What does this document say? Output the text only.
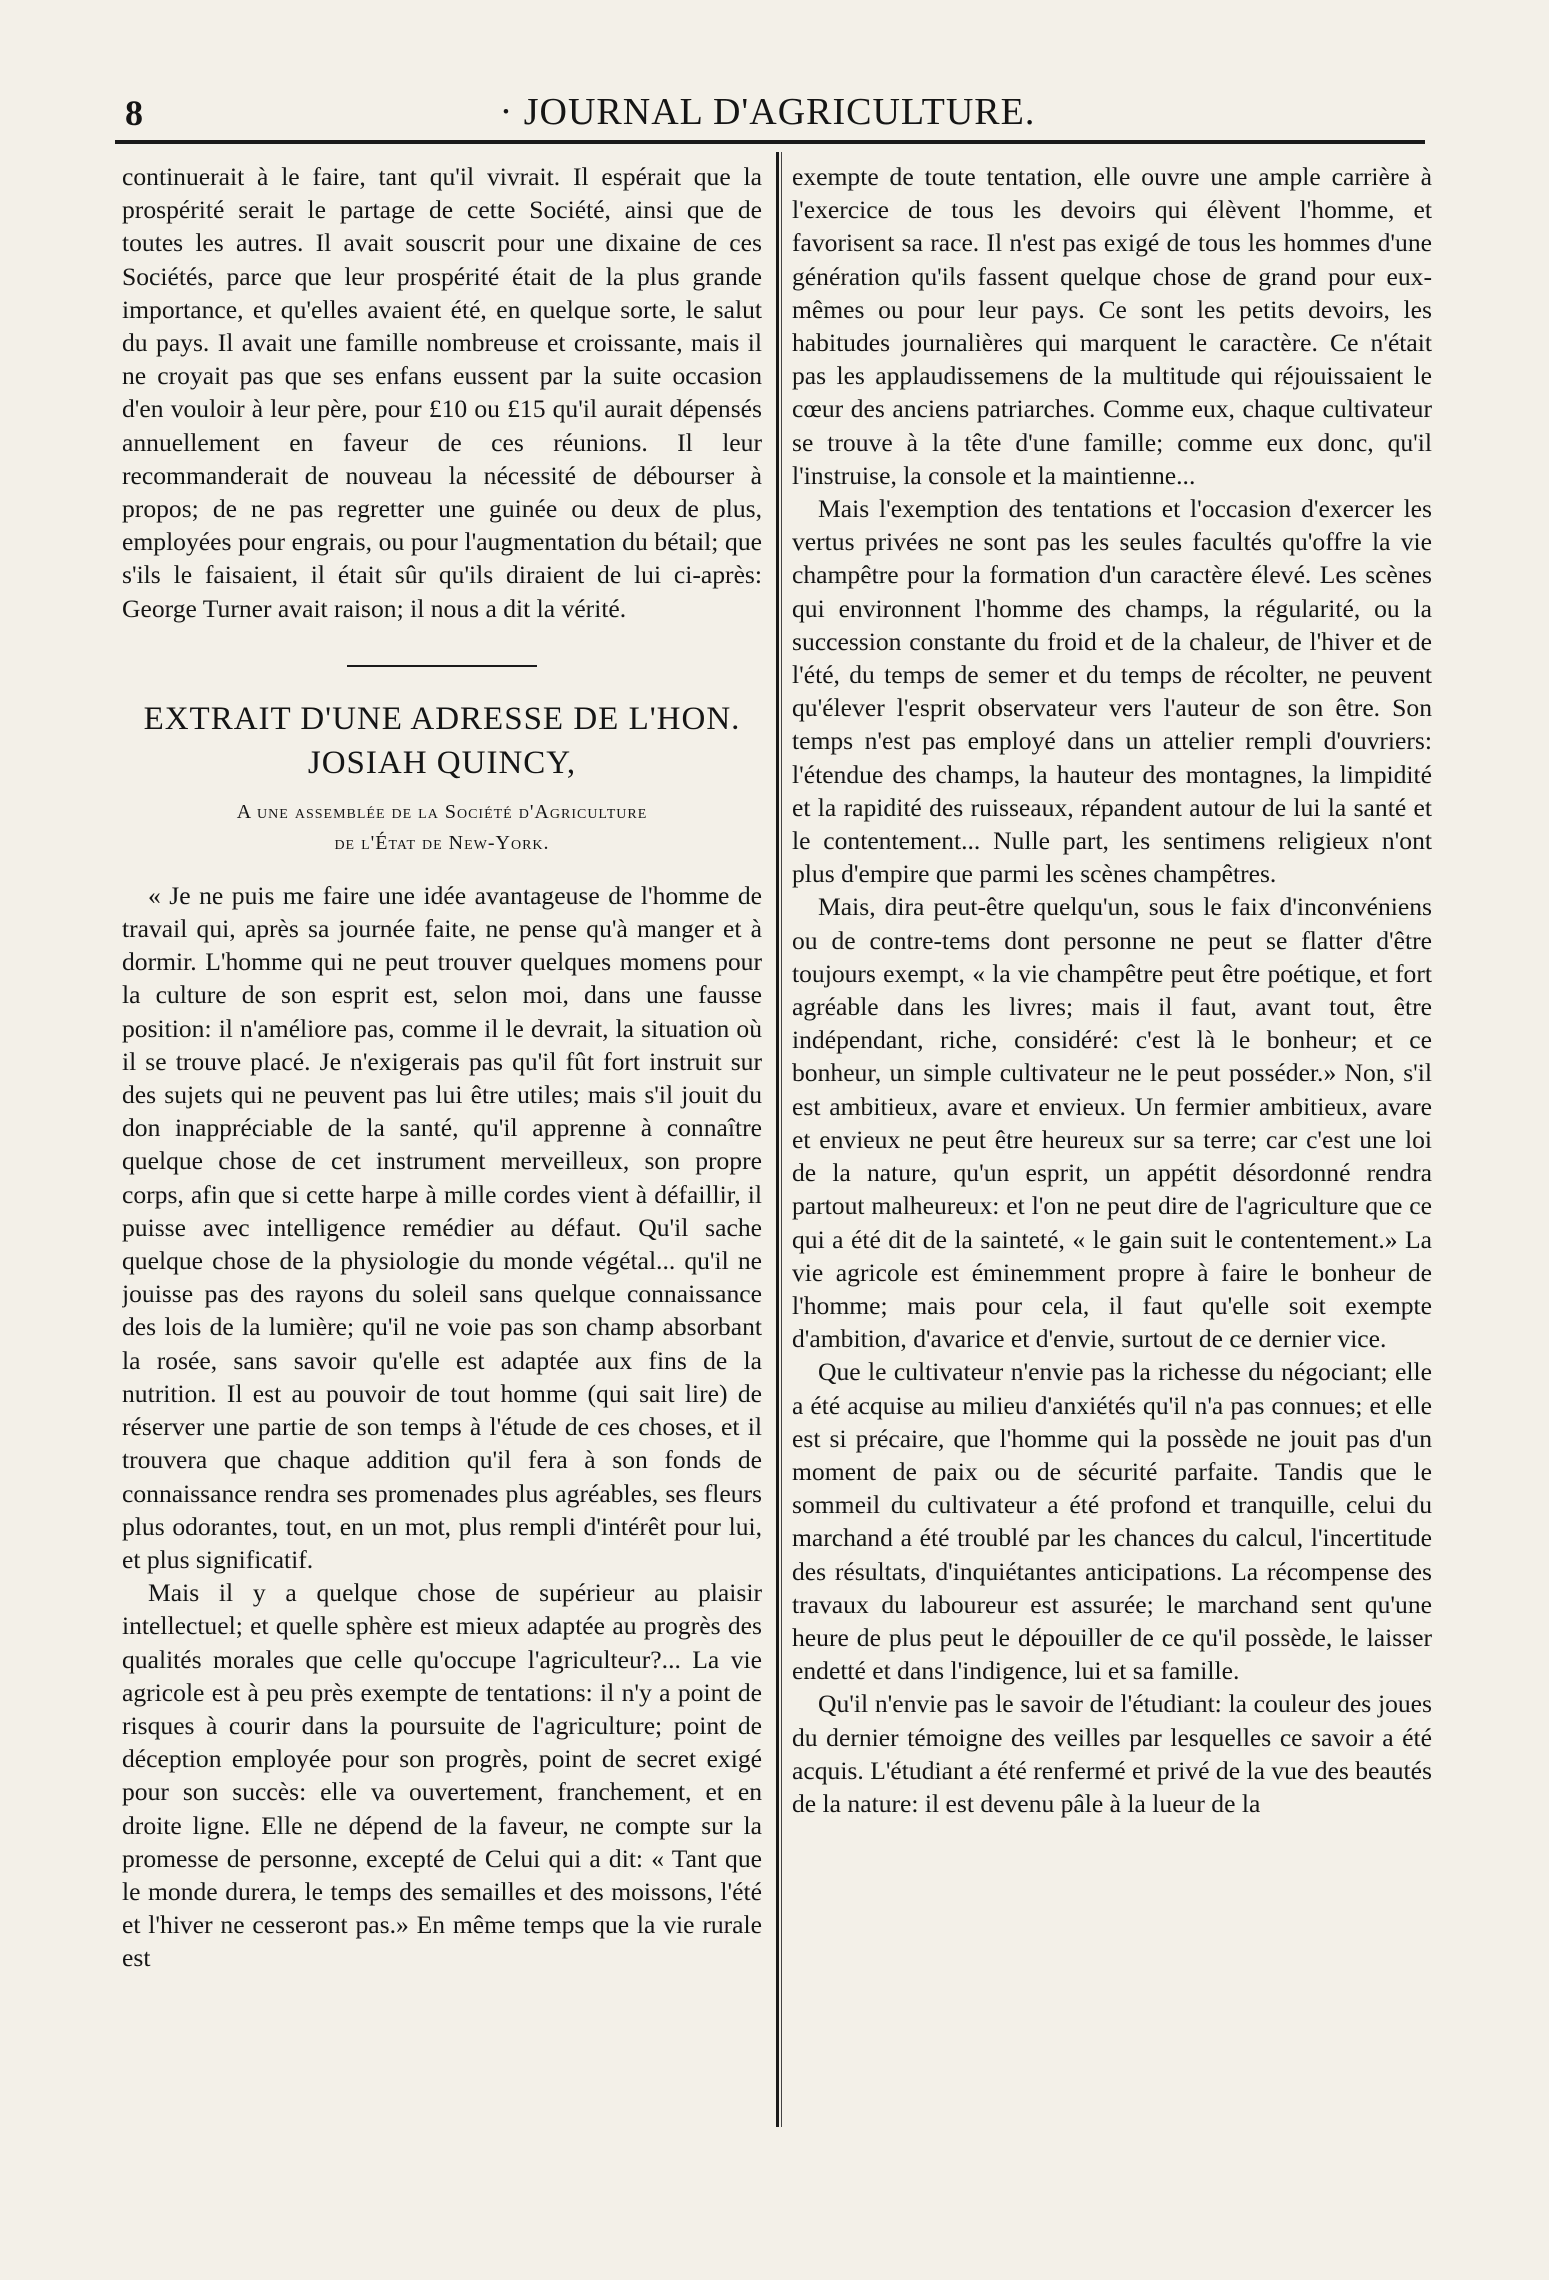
8	· JOURNAL D'AGRICULTURE.

continuerait à le faire, tant qu'il vivrait. Il espérait que la prospérité serait le partage de cette Société, ainsi que de toutes les autres. Il avait souscrit pour une dixaine de ces Sociétés, parce que leur prospérité était de la plus grande importance, et qu'elles avaient été, en quelque sorte, le salut du pays. Il avait une famille nombreuse et croissante, mais il ne croyait pas que ses enfans eussent par la suite occasion d'en vouloir à leur père, pour £10 ou £15 qu'il aurait dépensés annuellement en faveur de ces réunions. Il leur recommanderait de nouveau la nécessité de débourser à propos; de ne pas regretter une guinée ou deux de plus, employées pour engrais, ou pour l'augmentation du bétail; que s'ils le faisaient, il était sûr qu'ils diraient de lui ci-après: George Turner avait raison; il nous a dit la vérité.

EXTRAIT D'UNE ADRESSE DE L'HON.
JOSIAH QUINCY,
A une assemblée de la Société d'Agriculture
de l'État de New-York.

« Je ne puis me faire une idée avantageuse de l'homme de travail qui, après sa journée faite, ne pense qu'à manger et à dormir. L'homme qui ne peut trouver quelques momens pour la culture de son esprit est, selon moi, dans une fausse position: il n'améliore pas, comme il le devrait, la situation où il se trouve placé. Je n'exigerais pas qu'il fût fort instruit sur des sujets qui ne peuvent pas lui être utiles; mais s'il jouit du don inappréciable de la santé, qu'il apprenne à connaître quelque chose de cet instrument merveilleux, son propre corps, afin que si cette harpe à mille cordes vient à défaillir, il puisse avec intelligence remédier au défaut. Qu'il sache quelque chose de la physiologie du monde végétal... qu'il ne jouisse pas des rayons du soleil sans quelque connaissance des lois de la lumière; qu'il ne voie pas son champ absorbant la rosée, sans savoir qu'elle est adaptée aux fins de la nutrition. Il est au pouvoir de tout homme (qui sait lire) de réserver une partie de son temps à l'étude de ces choses, et il trouvera que chaque addition qu'il fera à son fonds de connaissance rendra ses promenades plus agréables, ses fleurs plus odorantes, tout, en un mot, plus rempli d'intérêt pour lui, et plus significatif.

Mais il y a quelque chose de supérieur au plaisir intellectuel; et quelle sphère est mieux adaptée au progrès des qualités morales que celle qu'occupe l'agriculteur?... La vie agricole est à peu près exempte de tentations: il n'y a point de risques à courir dans la poursuite de l'agriculture; point de déception employée pour son progrès, point de secret exigé pour son succès: elle va ouvertement, franchement, et en droite ligne. Elle ne dépend de la faveur, ne compte sur la promesse de personne, excepté de Celui qui a dit: « Tant que le monde durera, le temps des semailles et des moissons, l'été et l'hiver ne cesseront pas.» En même temps que la vie rurale est

exempte de toute tentation, elle ouvre une ample carrière à l'exercice de tous les devoirs qui élèvent l'homme, et favorisent sa race. Il n'est pas exigé de tous les hommes d'une génération qu'ils fassent quelque chose de grand pour eux-mêmes ou pour leur pays. Ce sont les petits devoirs, les habitudes journalières qui marquent le caractère. Ce n'était pas les applaudissemens de la multitude qui réjouissaient le cœur des anciens patriarches. Comme eux, chaque cultivateur se trouve à la tête d'une famille; comme eux donc, qu'il l'instruise, la console et la maintienne...

Mais l'exemption des tentations et l'occasion d'exercer les vertus privées ne sont pas les seules facultés qu'offre la vie champêtre pour la formation d'un caractère élevé. Les scènes qui environnent l'homme des champs, la régularité, ou la succession constante du froid et de la chaleur, de l'hiver et de l'été, du temps de semer et du temps de récolter, ne peuvent qu'élever l'esprit observateur vers l'auteur de son être. Son temps n'est pas employé dans un attelier rempli d'ouvriers: l'étendue des champs, la hauteur des montagnes, la limpidité et la rapidité des ruisseaux, répandent autour de lui la santé et le contentement... Nulle part, les sentimens religieux n'ont plus d'empire que parmi les scènes champêtres.

Mais, dira peut-être quelqu'un, sous le faix d'inconvéniens ou de contre-tems dont personne ne peut se flatter d'être toujours exempt, « la vie champêtre peut être poétique, et fort agréable dans les livres; mais il faut, avant tout, être indépendant, riche, considéré: c'est là le bonheur; et ce bonheur, un simple cultivateur ne le peut posséder.» Non, s'il est ambitieux, avare et envieux. Un fermier ambitieux, avare et envieux ne peut être heureux sur sa terre; car c'est une loi de la nature, qu'un esprit, un appétit désordonné rendra partout malheureux: et l'on ne peut dire de l'agriculture que ce qui a été dit de la sainteté, « le gain suit le contentement.» La vie agricole est éminemment propre à faire le bonheur de l'homme; mais pour cela, il faut qu'elle soit exempte d'ambition, d'avarice et d'envie, surtout de ce dernier vice.

Que le cultivateur n'envie pas la richesse du négociant; elle a été acquise au milieu d'anxiétés qu'il n'a pas connues; et elle est si précaire, que l'homme qui la possède ne jouit pas d'un moment de paix ou de sécurité parfaite. Tandis que le sommeil du cultivateur a été profond et tranquille, celui du marchand a été troublé par les chances du calcul, l'incertitude des résultats, d'inquiétantes anticipations. La récompense des travaux du laboureur est assurée; le marchand sent qu'une heure de plus peut le dépouiller de ce qu'il possède, le laisser endetté et dans l'indigence, lui et sa famille.

Qu'il n'envie pas le savoir de l'étudiant: la couleur des joues du dernier témoigne des veilles par lesquelles ce savoir a été acquis. L'étudiant a été renfermé et privé de la vue des beautés de la nature: il est devenu pâle à la lueur de la
